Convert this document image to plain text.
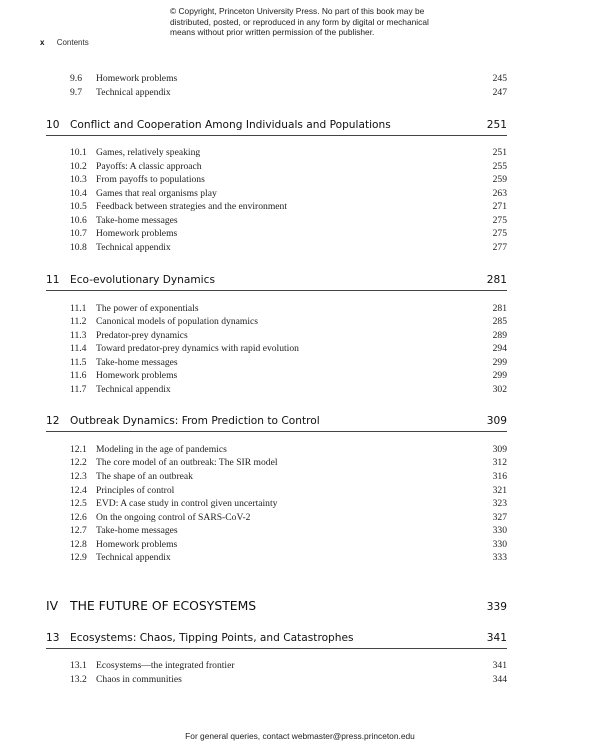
© Copyright, Princeton University Press. No part of this book may be
distributed, posted, or reproduced in any form by digital or mechanical
means without prior written permission of the publisher.
x Contents
9.6 Homework problems	245
9.7 Technical appendix	247
10 Conflict and Cooperation Among Individuals and Populations	251
10.1 Games, relatively speaking	251
10.2 Payoffs: A classic approach	255
10.3 From payoffs to populations	259
10.4 Games that real organisms play	263
10.5 Feedback between strategies and the environment	271
10.6 Take-home messages	275
10.7 Homework problems	275
10.8 Technical appendix	277
11 Eco-evolutionary Dynamics	281
11.1 The power of exponentials	281
11.2 Canonical models of population dynamics	285
11.3 Predator-prey dynamics	289
11.4 Toward predator-prey dynamics with rapid evolution	294
11.5 Take-home messages	299
11.6 Homework problems	299
11.7 Technical appendix	302
12 Outbreak Dynamics: From Prediction to Control	309
12.1 Modeling in the age of pandemics	309
12.2 The core model of an outbreak: The SIR model	312
12.3 The shape of an outbreak	316
12.4 Principles of control	321
12.5 EVD: A case study in control given uncertainty	323
12.6 On the ongoing control of SARS-CoV-2	327
12.7 Take-home messages	330
12.8 Homework problems	330
12.9 Technical appendix	333
IV THE FUTURE OF ECOSYSTEMS	339
13 Ecosystems: Chaos, Tipping Points, and Catastrophes	341
13.1 Ecosystems—the integrated frontier	341
13.2 Chaos in communities	344
For general queries, contact webmaster@press.princeton.edu
